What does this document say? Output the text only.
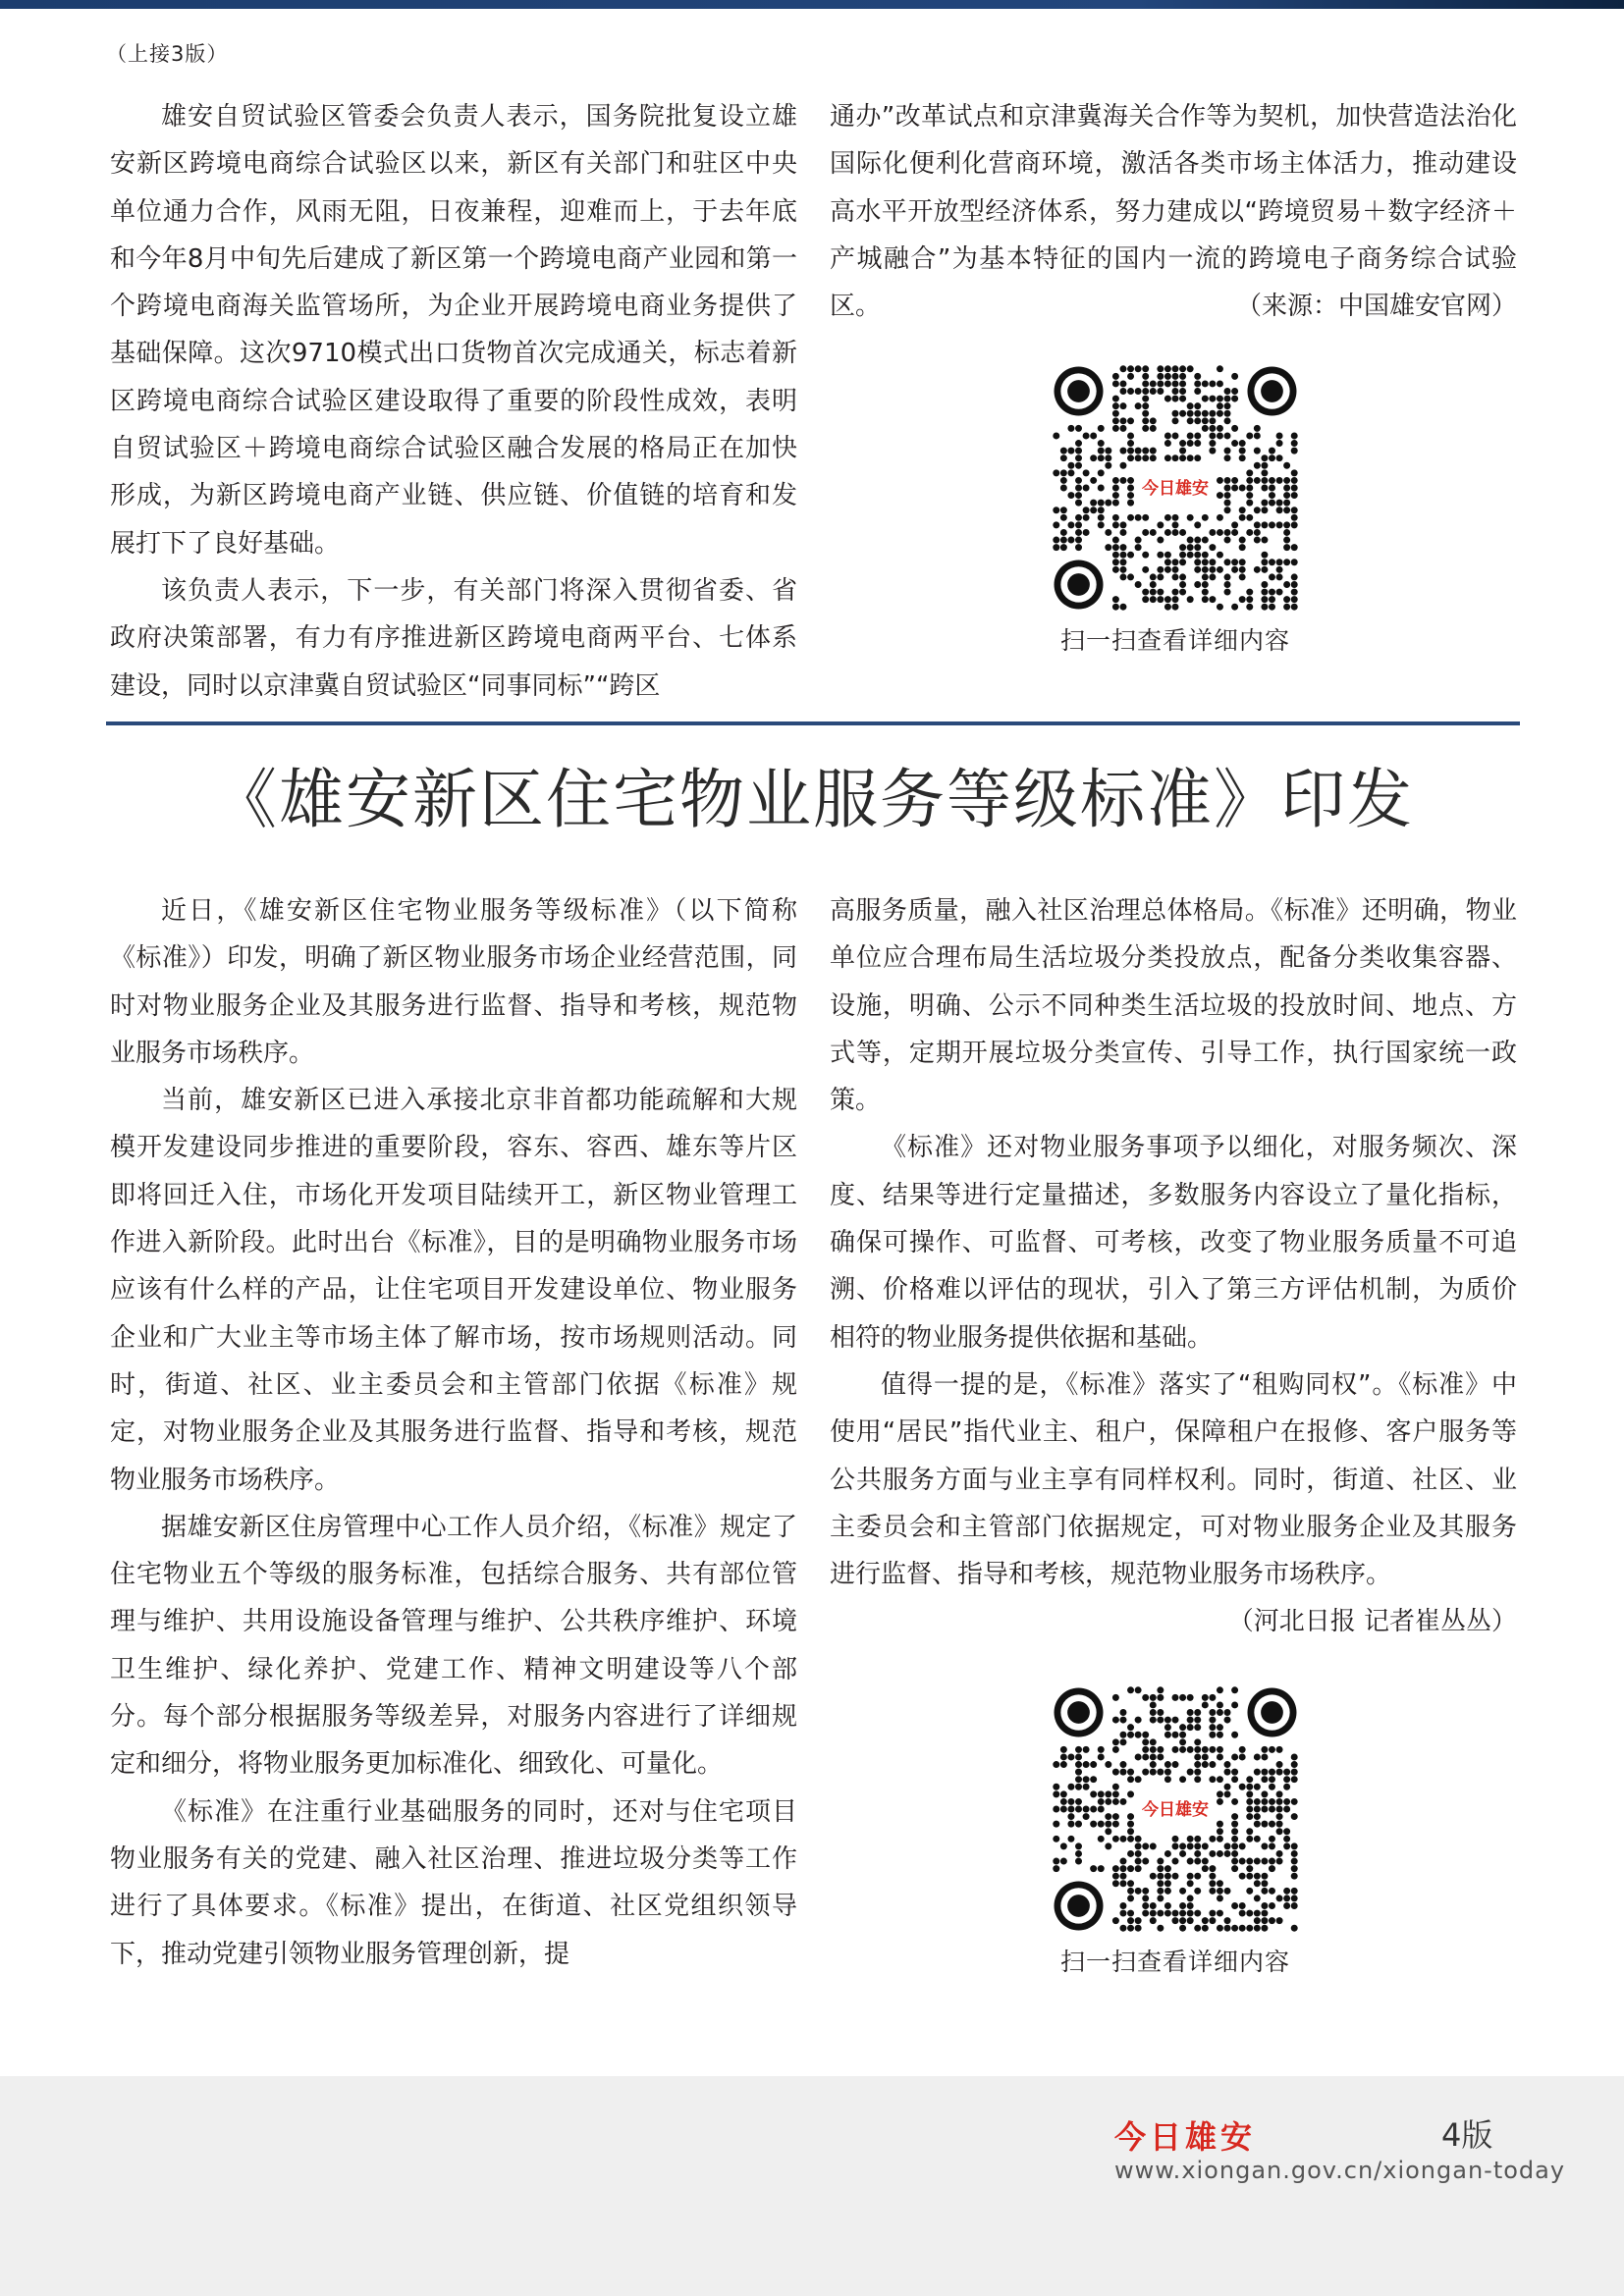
（上接3版）

雄安自贸试验区管委会负责人表示，国务院批复设立雄安新区跨境电商综合试验区以来，新区有关部门和驻区中央单位通力合作，风雨无阻，日夜兼程，迎难而上，于去年底和今年8月中旬先后建成了新区第一个跨境电商产业园和第一个跨境电商海关监管场所，为企业开展跨境电商业务提供了基础保障。这次9710模式出口货物首次完成通关，标志着新区跨境电商综合试验区建设取得了重要的阶段性成效，表明自贸试验区＋跨境电商综合试验区融合发展的格局正在加快形成，为新区跨境电商产业链、供应链、价值链的培育和发展打下了良好基础。

该负责人表示，下一步，有关部门将深入贯彻省委、省政府决策部署，有力有序推进新区跨境电商两平台、七体系建设，同时以京津冀自贸试验区“同事同标”“跨区

通办”改革试点和京津冀海关合作等为契机，加快营造法治化国际化便利化营商环境，激活各类市场主体活力，推动建设高水平开放型经济体系，努力建成以“跨境贸易＋数字经济＋产城融合”为基本特征的国内一流的跨境电子商务综合试验区。	（来源：中国雄安官网）

今日雄安
扫一扫查看详细内容
《雄安新区住宅物业服务等级标准》印发

近日，《雄安新区住宅物业服务等级标准》（以下简称《标准》）印发，明确了新区物业服务市场企业经营范围，同时对物业服务企业及其服务进行监督、指导和考核，规范物业服务市场秩序。

当前，雄安新区已进入承接北京非首都功能疏解和大规模开发建设同步推进的重要阶段，容东、容西、雄东等片区即将回迁入住，市场化开发项目陆续开工，新区物业管理工作进入新阶段。此时出台《标准》，目的是明确物业服务市场应该有什么样的产品，让住宅项目开发建设单位、物业服务企业和广大业主等市场主体了解市场，按市场规则活动。同时，街道、社区、业主委员会和主管部门依据《标准》规定，对物业服务企业及其服务进行监督、指导和考核，规范物业服务市场秩序。

据雄安新区住房管理中心工作人员介绍，《标准》规定了住宅物业五个等级的服务标准，包括综合服务、共有部位管理与维护、共用设施设备管理与维护、公共秩序维护、环境卫生维护、绿化养护、党建工作、精神文明建设等八个部分。每个部分根据服务等级差异，对服务内容进行了详细规定和细分，将物业服务更加标准化、细致化、可量化。

《标准》在注重行业基础服务的同时，还对与住宅项目物业服务有关的党建、融入社区治理、推进垃圾分类等工作进行了具体要求。《标准》提出，在街道、社区党组织领导下，推动党建引领物业服务管理创新，提

高服务质量，融入社区治理总体格局。《标准》还明确，物业单位应合理布局生活垃圾分类投放点，配备分类收集容器、设施，明确、公示不同种类生活垃圾的投放时间、地点、方式等，定期开展垃圾分类宣传、引导工作，执行国家统一政策。

《标准》还对物业服务事项予以细化，对服务频次、深度、结果等进行定量描述，多数服务内容设立了量化指标，确保可操作、可监督、可考核，改变了物业服务质量不可追溯、价格难以评估的现状，引入了第三方评估机制，为质价相符的物业服务提供依据和基础。

值得一提的是，《标准》落实了“租购同权”。《标准》中使用“居民”指代业主、租户，保障租户在报修、客户服务等公共服务方面与业主享有同样权利。同时，街道、社区、业主委员会和主管部门依据规定，可对物业服务企业及其服务进行监督、指导和考核，规范物业服务市场秩序。
（河北日报 记者崔丛丛）

今日雄安
扫一扫查看详细内容
今日雄安	4版
www.xiongan.gov.cn/xiongan-today
